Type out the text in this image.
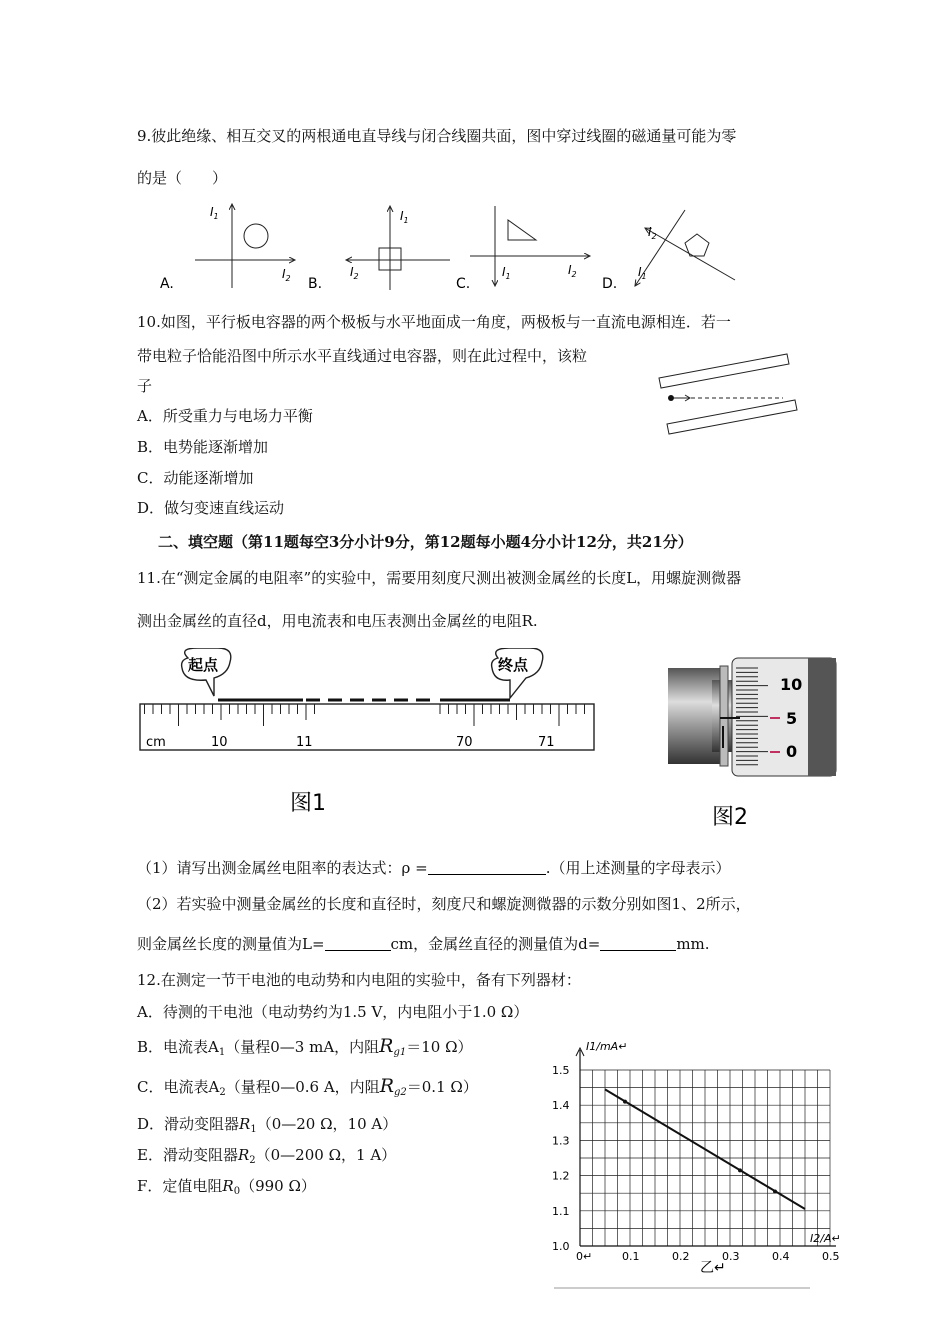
9.彼此绝缘、相互交叉的两根通电直导线与闭合线圈共面，图中穿过线圈的磁通量可能为零
的是（　　）
A.
$I_1$
$I_2$ B.
$I_1$
$I_2$	C.
$I_1$	$I_2$
D.
$I_1$
$I_2$
10.如图，平行板电容器的两个极板与水平地面成一角度，两极板与一直流电源相连．若一
带电粒子恰能沿图中所示水平直线通过电容器，则在此过程中，该粒
子
A．所受重力与电场力平衡
B．电势能逐渐增加
C．动能逐渐增加
D．做匀变速直线运动
二、填空题（第11题每空3分小计9分，第12题每小题4分小计12分，共21分）
11.在“测定金属的电阻率”的实验中，需要用刻度尺测出被测金属丝的长度L，用螺旋测微器
测出金属丝的直径d，用电流表和电压表测出金属丝的电阻R.
起点	终点
cm	10	11	70	71
图1
10
5
0
图2
（1）请写出测金属丝电阻率的表达式：ρ =	.（用上述测量的字母表示）
（2）若实验中测量金属丝的长度和直径时，刻度尺和螺旋测微器的示数分别如图1、2所示，
则金属丝长度的测量值为L=	cm，金属丝直径的测量值为d=	mm.
12.在测定一节干电池的电动势和内电阻的实验中，备有下列器材：
A．待测的干电池（电动势约为1.5 V，内电阻小于1.0 Ω）
B．电流表$A_1$（量程0—3 mA，内阻$R_{g1}=10$ Ω）
C．电流表$A_2$（量程0—0.6 A，内阻$R_{g2}=0.1$ Ω）
D．滑动变阻器$R_1(0—20$ Ω，10 A）
E．滑动变阻器$R_2(0—200$ Ω，1 A）
F．定值电阻$R_0(990$ Ω）
1.0
1.1
1.2
1.3
1.4
1.5
0↵	0.1	0.2	0.3	0.4	0.5
I1/mA↵
I2/A↵
乙↵
